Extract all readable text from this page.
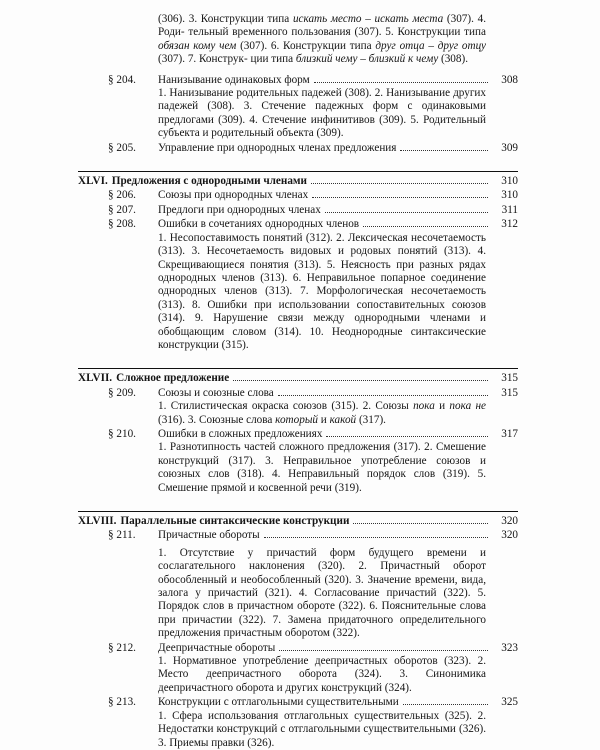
(306). 3. Конструкции типа искать место – искать места (307). 4. Роди- тельный временного пользования (307). 5. Конструкции типа обязан кому чем (307). 6. Конструкции типа друг отца – друг отцу (307). 7. Конструк- ции типа близкий чему – близкий к чему (308).
§ 204.	Нанизывание одинаковых форм	308
1. Нанизывание родительных падежей (308). 2. Нанизывание других падежей (308). 3. Стечение падежных форм с одинаковыми предлогами (309). 4. Стечение инфинитивов (309). 5. Родительный субъекта и родительный объекта (309).
§ 205.	Управление при однородных членах предложения	309
XLVI. Предложения с однородными членами	310
§ 206.	Союзы при однородных членах	310
§ 207.	Предлоги при однородных членах	311
§ 208.	Ошибки в сочетаниях однородных членов	312
1. Несопоставимость понятий (312). 2. Лексическая несочетаемость (313). 3. Несочетаемость видовых и родовых понятий (313). 4. Скрещивающиеся понятия (313). 5. Неясность при разных рядах однородных членов (313). 6. Неправильное попарное соединение однородных членов (313). 7. Морфологическая несочетаемость (313). 8. Ошибки при использовании сопоставительных союзов (314). 9. Нарушение связи между однородными членами и обобщающим словом (314). 10. Неоднородные синтаксические конструкции (315).
XLVII. Сложное предложение	315
§ 209.	Союзы и союзные слова	315
1. Стилистическая окраска союзов (315). 2. Союзы пока и пока не (316). 3. Союзные слова который и какой (317).
§ 210.	Ошибки в сложных предложениях	317
1. Разнотипность частей сложного предложения (317). 2. Смешение конструкций (317). 3. Неправильное употребление союзов и союзных слов (318). 4. Неправильный порядок слов (319). 5. Смешение прямой и косвенной речи (319).
XLVIII. Параллельные синтаксические конструкции	320
§ 211.	Причастные обороты	320
1. Отсутствие у причастий форм будущего времени и сослагательного наклонения (320). 2. Причастный оборот обособленный и необособленный (320). 3. Значение времени, вида, залога у причастий (321). 4. Согласование причастий (322). 5. Порядок слов в причастном обороте (322). 6. Пояснительные слова при причастии (322). 7. Замена придаточного определительного предложения причастным оборотом (322).
§ 212.	Деепричастные обороты	323
1. Нормативное употребление деепричастных оборотов (323). 2. Место деепричастного оборота (324). 3. Синонимика деепричастного оборота и других конструкций (324).
§ 213.	Конструкции с отглагольными существительными	325
1. Сфера использования отглагольных существительных (325). 2. Недостатки конструкций с отглагольными существительными (326). 3. Приемы правки (326).
